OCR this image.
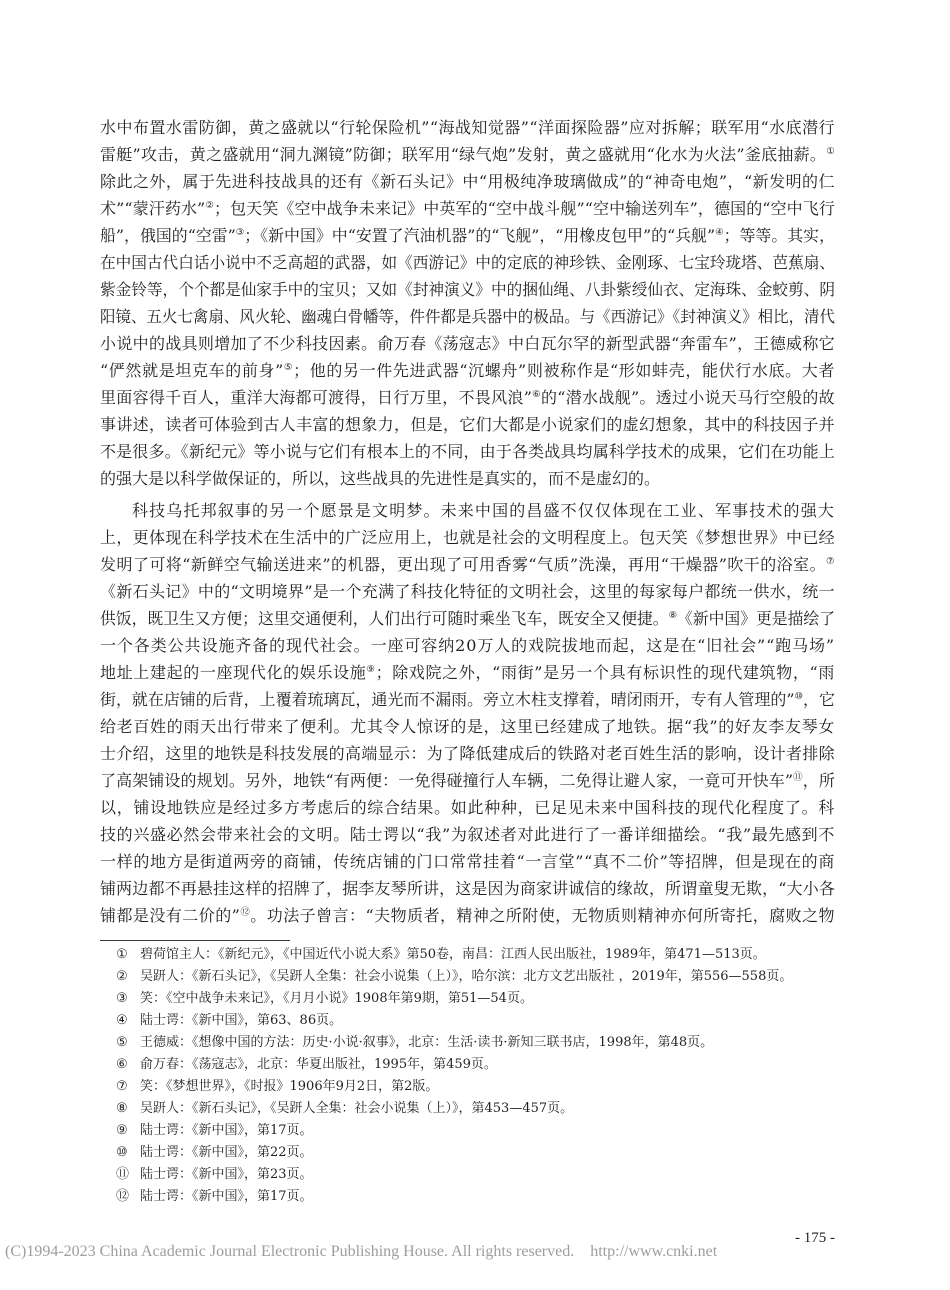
水中布置水雷防御，黄之盛就以“行轮保险机”“海战知觉器”“洋面探险器”应对拆解；联军用“水底潜行
雷艇”攻击，黄之盛就用“洞九渊镜”防御；联军用“绿气炮”发射，黄之盛就用“化水为火法”釜底抽薪。①
除此之外，属于先进科技战具的还有《新石头记》中“用极纯净玻璃做成”的“神奇电炮”，“新发明的仁
术”“蒙汗药水”②；包天笑《空中战争未来记》中英军的“空中战斗舰”“空中输送列车”，德国的“空中飞行
船”，俄国的“空雷”③；《新中国》中“安置了汽油机器”的“飞舰”，“用橡皮包甲”的“兵舰”④；等等。其实，
在中国古代白话小说中不乏高超的武器，如《西游记》中的定底的神珍铁、金刚琢、七宝玲珑塔、芭蕉扇、
紫金铃等，个个都是仙家手中的宝贝；又如《封神演义》中的捆仙绳、八卦紫绶仙衣、定海珠、金蛟剪、阴
阳镜、五火七禽扇、风火轮、幽魂白骨幡等，件件都是兵器中的极品。与《西游记》《封神演义》相比，清代
小说中的战具则增加了不少科技因素。俞万春《荡寇志》中白瓦尔罕的新型武器“奔雷车”，王德威称它
“俨然就是坦克车的前身”⑤；他的另一件先进武器“沉螺舟”则被称作是“形如蚌壳，能伏行水底。大者
里面容得千百人，重洋大海都可渡得，日行万里，不畏风浪”⑥的“潜水战舰”。透过小说天马行空般的故
事讲述，读者可体验到古人丰富的想象力，但是，它们大都是小说家们的虚幻想象，其中的科技因子并
不是很多。《新纪元》等小说与它们有根本上的不同，由于各类战具均属科学技术的成果，它们在功能上
的强大是以科学做保证的，所以，这些战具的先进性是真实的，而不是虚幻的。
科技乌托邦叙事的另一个愿景是文明梦。未来中国的昌盛不仅仅体现在工业、军事技术的强大
上，更体现在科学技术在生活中的广泛应用上，也就是社会的文明程度上。包天笑《梦想世界》中已经
发明了可将“新鲜空气输送进来”的机器，更出现了可用香雾“气质”洗澡，再用“干燥器”吹干的浴室。⑦
《新石头记》中的“文明境界”是一个充满了科技化特征的文明社会，这里的每家每户都统一供水，统一
供饭，既卫生又方便；这里交通便利，人们出行可随时乘坐飞车，既安全又便捷。⑧《新中国》更是描绘了
一个各类公共设施齐备的现代社会。一座可容纳20万人的戏院拔地而起，这是在“旧社会”“跑马场”
地址上建起的一座现代化的娱乐设施⑨；除戏院之外，“雨街”是另一个具有标识性的现代建筑物，“雨
街，就在店铺的后背，上覆着琉璃瓦，通光而不漏雨。旁立木柱支撑着，晴闭雨开，专有人管理的”⑩，它
给老百姓的雨天出行带来了便利。尤其令人惊讶的是，这里已经建成了地铁。据“我”的好友李友琴女
士介绍，这里的地铁是科技发展的高端显示：为了降低建成后的铁路对老百姓生活的影响，设计者排除
了高架铺设的规划。另外，地铁“有两便：一免得碰撞行人车辆，二免得让避人家，一竟可开快车”⑪，所
以，铺设地铁应是经过多方考虑后的综合结果。如此种种，已足见未来中国科技的现代化程度了。科
技的兴盛必然会带来社会的文明。陆士谔以“我”为叙述者对此进行了一番详细描绘。“我”最先感到不
一样的地方是街道两旁的商铺，传统店铺的门口常常挂着“一言堂”“真不二价”等招牌，但是现在的商
铺两边都不再悬挂这样的招牌了，据李友琴所讲，这是因为商家讲诚信的缘故，所谓童叟无欺，“大小各
铺都是没有二价的”⑫。功法子曾言：“夫物质者，精神之所附使，无物质则精神亦何所寄托，腐败之物
① 碧荷馆主人：《新纪元》，《中国近代小说大系》第50卷，南昌：江西人民出版社，1989年，第471—513页。
② 吴趼人：《新石头记》，《吴趼人全集：社会小说集（上）》，哈尔滨：北方文艺出版社 ，2019年，第556—558页。
③ 笑：《空中战争未来记》，《月月小说》1908年第9期，第51—54页。
④ 陆士谔：《新中国》，第63、86页。
⑤ 王德威：《想像中国的方法：历史·小说·叙事》，北京：生活·读书·新知三联书店，1998年，第48页。
⑥ 俞万春：《荡寇志》，北京：华夏出版社，1995年，第459页。
⑦ 笑：《梦想世界》，《时报》1906年9月2日，第2版。
⑧ 吴趼人：《新石头记》，《吴趼人全集：社会小说集（上）》，第453—457页。
⑨ 陆士谔：《新中国》，第17页。
⑩ 陆士谔：《新中国》，第22页。
⑪ 陆士谔：《新中国》，第23页。
⑫ 陆士谔：《新中国》，第17页。
- 175 -
(C)1994-2023 China Academic Journal Electronic Publishing House. All rights reserved.    http://www.cnki.net
